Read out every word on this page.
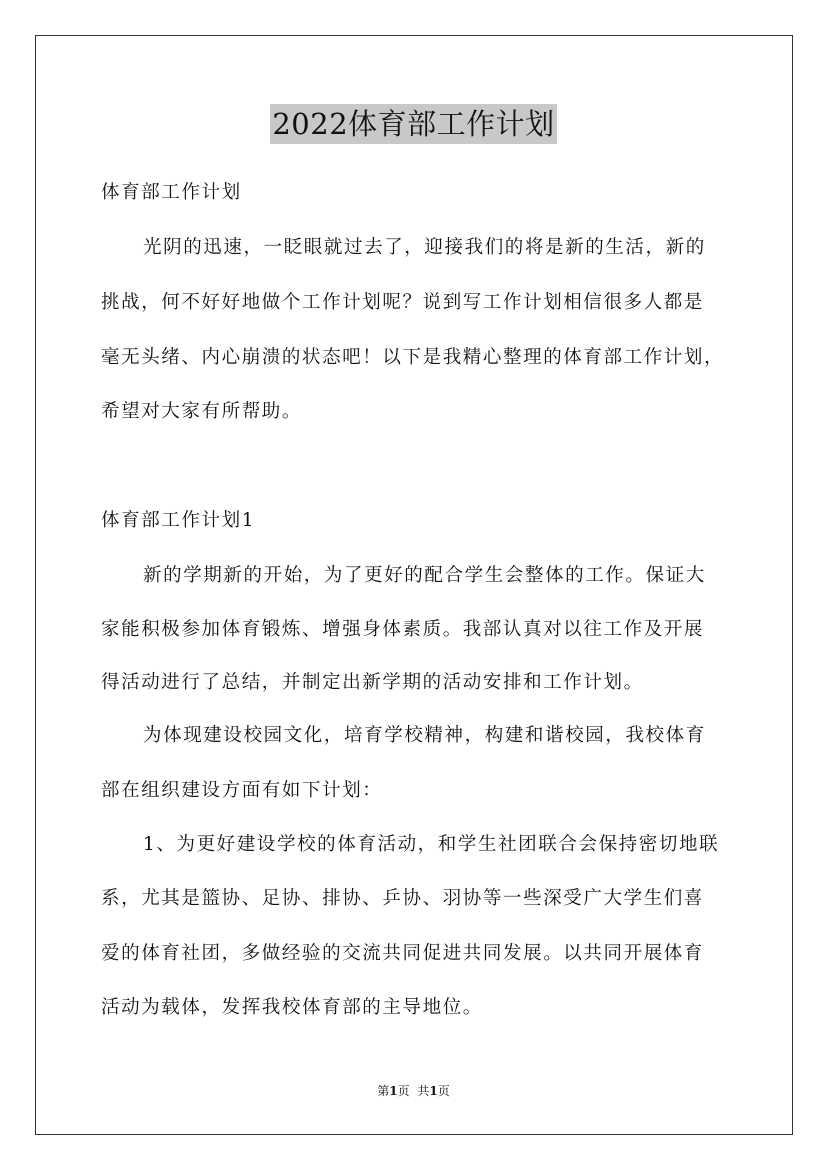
2022体育部工作计划

体育部工作计划

光阴的迅速，一眨眼就过去了，迎接我们的将是新的生活，新的

挑战，何不好好地做个工作计划呢？说到写工作计划相信很多人都是

毫无头绪、内心崩溃的状态吧！以下是我精心整理的体育部工作计划，

希望对大家有所帮助。

体育部工作计划1

新的学期新的开始，为了更好的配合学生会整体的工作。保证大

家能积极参加体育锻炼、增强身体素质。我部认真对以往工作及开展

得活动进行了总结，并制定出新学期的活动安排和工作计划。

为体现建设校园文化，培育学校精神，构建和谐校园，我校体育

部在组织建设方面有如下计划：

1、为更好建设学校的体育活动，和学生社团联合会保持密切地联

系，尤其是篮协、足协、排协、乒协、羽协等一些深受广大学生们喜

爱的体育社团，多做经验的交流共同促进共同发展。以共同开展体育

活动为载体，发挥我校体育部的主导地位。

第1页 共1页
